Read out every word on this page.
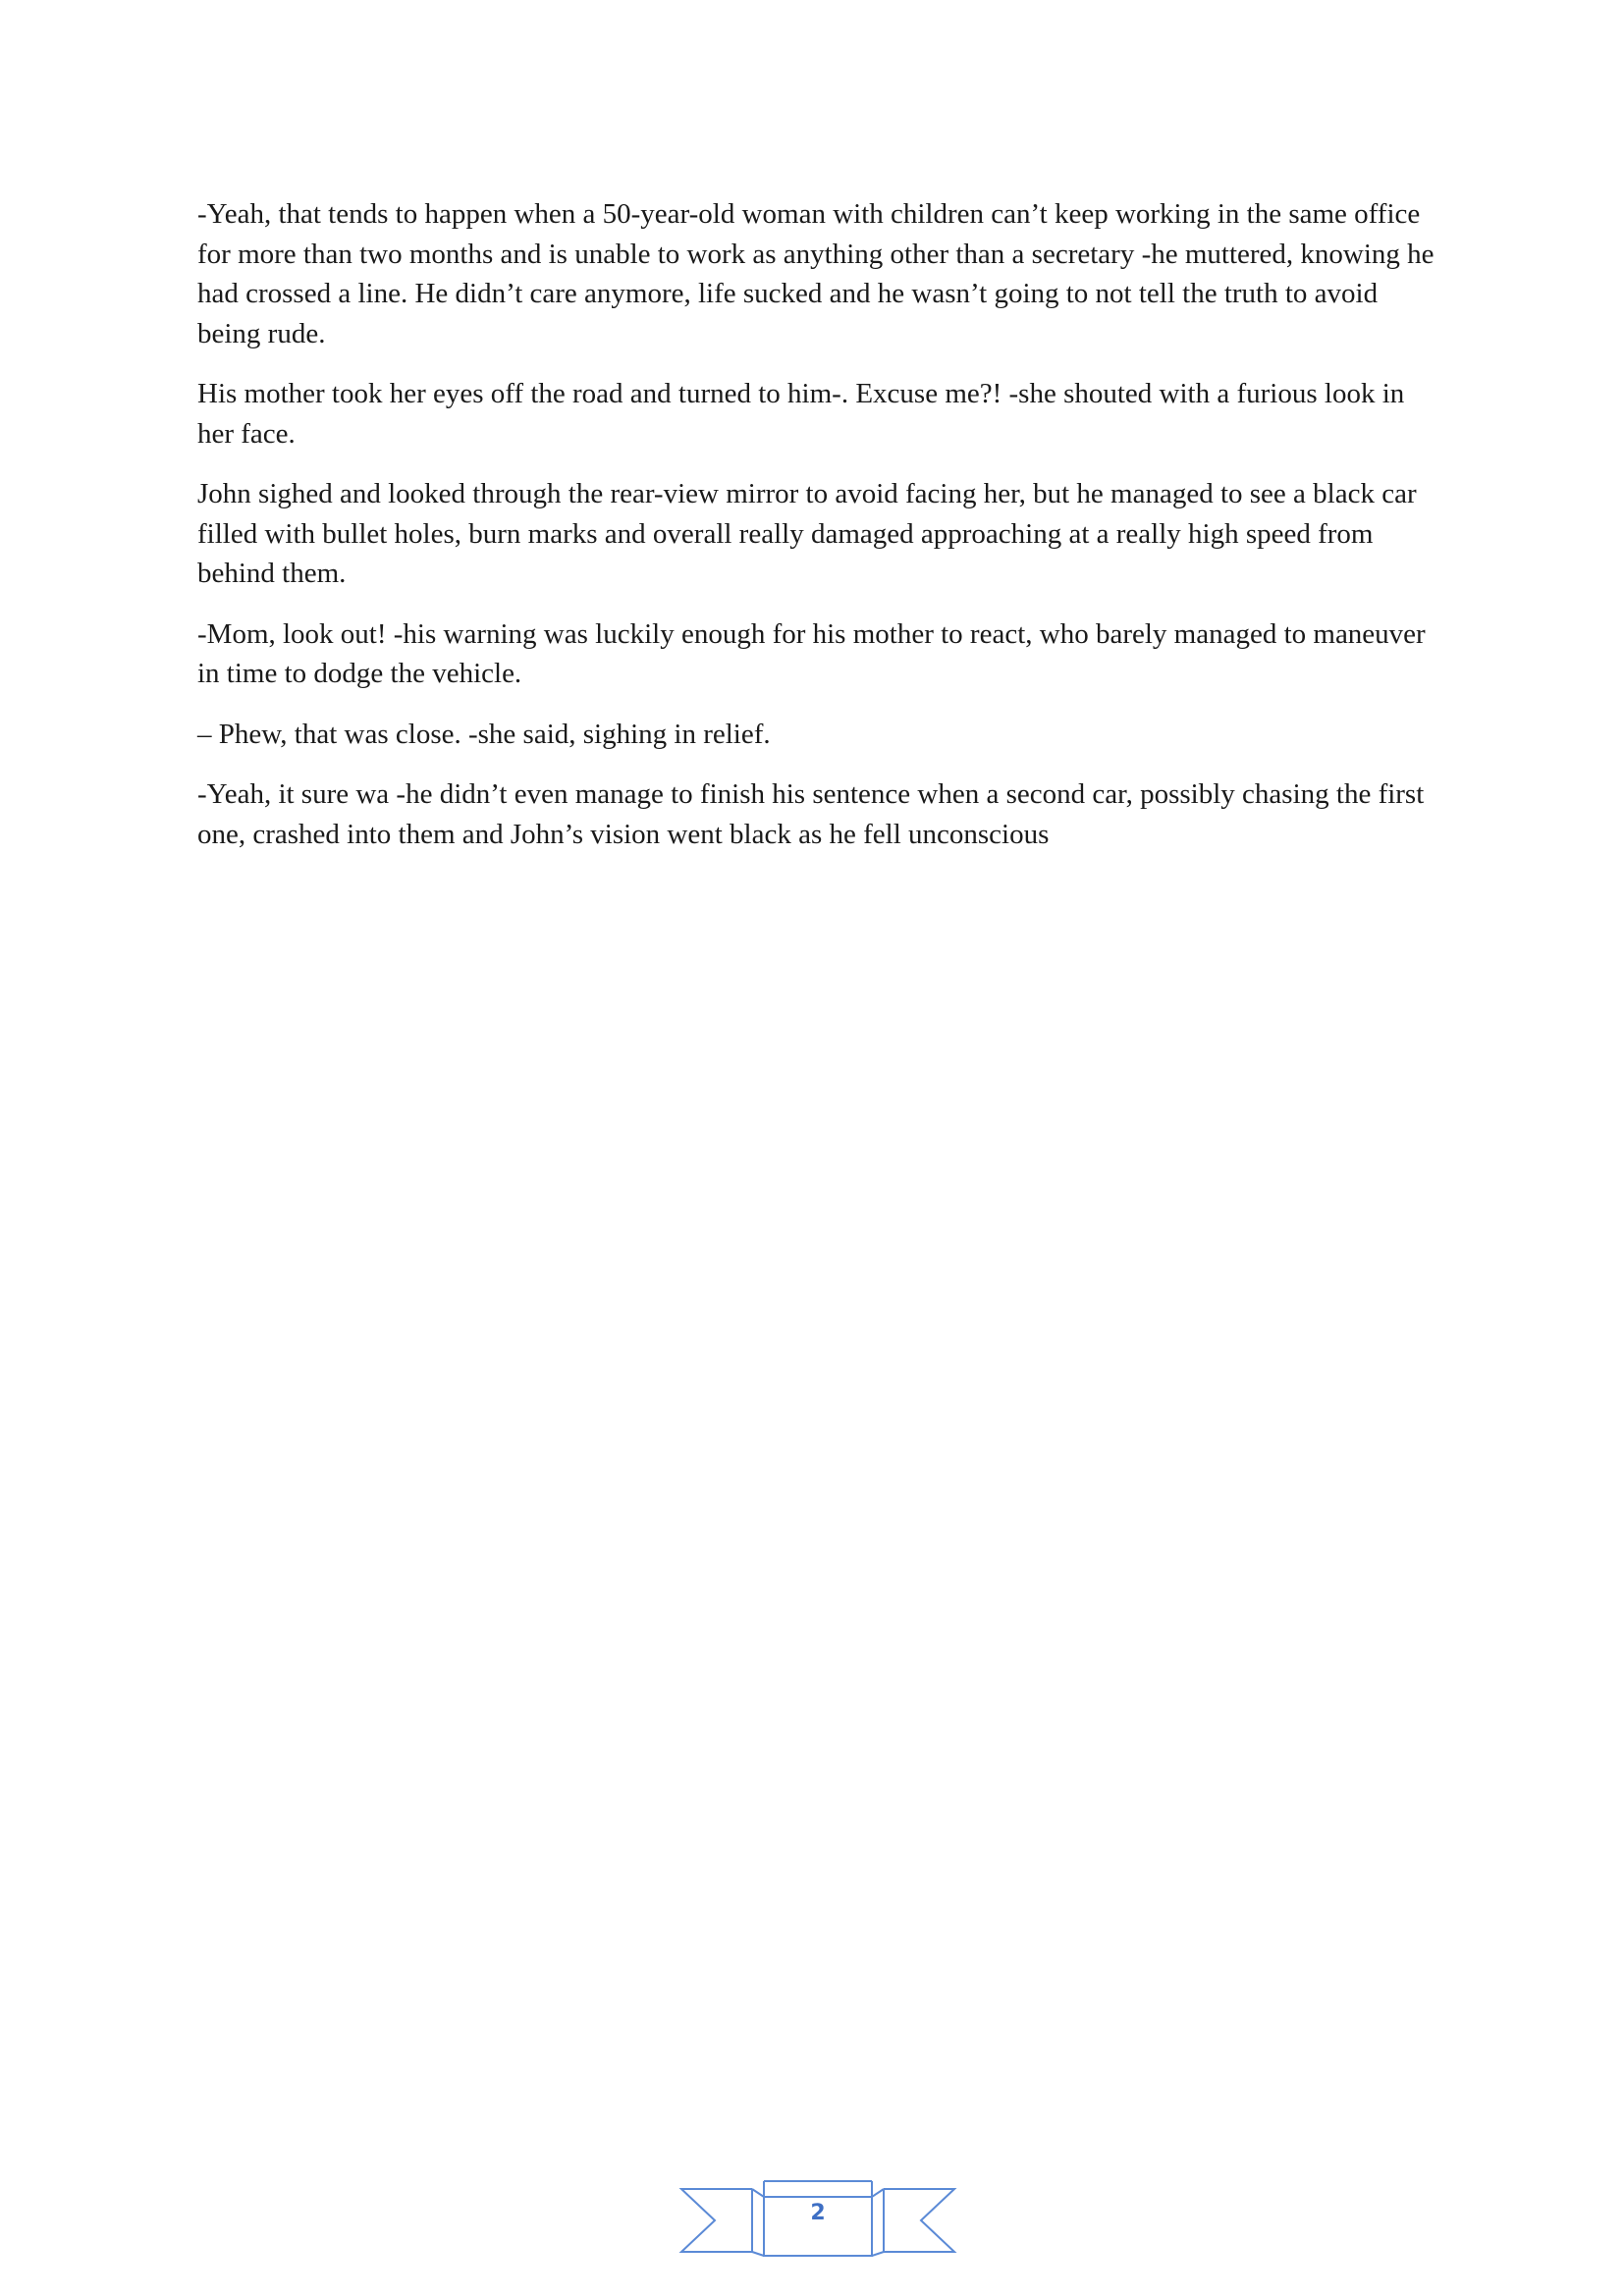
-Yeah, that tends to happen when a 50-year-old woman with children can’t keep working in the same office for more than two months and is unable to work as anything other than a secretary -he muttered, knowing he had crossed a line. He didn’t care anymore, life sucked and he wasn’t going to not tell the truth to avoid being rude.

His mother took her eyes off the road and turned to him-. Excuse me?! -she shouted with a furious look in her face.

John sighed and looked through the rear-view mirror to avoid facing her, but he managed to see a black car filled with bullet holes, burn marks and overall really damaged approaching at a really high speed from behind them.

-Mom, look out! -his warning was luckily enough for his mother to react, who barely managed to maneuver in time to dodge the vehicle.

– Phew, that was close. -she said, sighing in relief.

-Yeah, it sure wa -he didn’t even manage to finish his sentence when a second car, possibly chasing the first one, crashed into them and John’s vision went black as he fell unconscious

2
